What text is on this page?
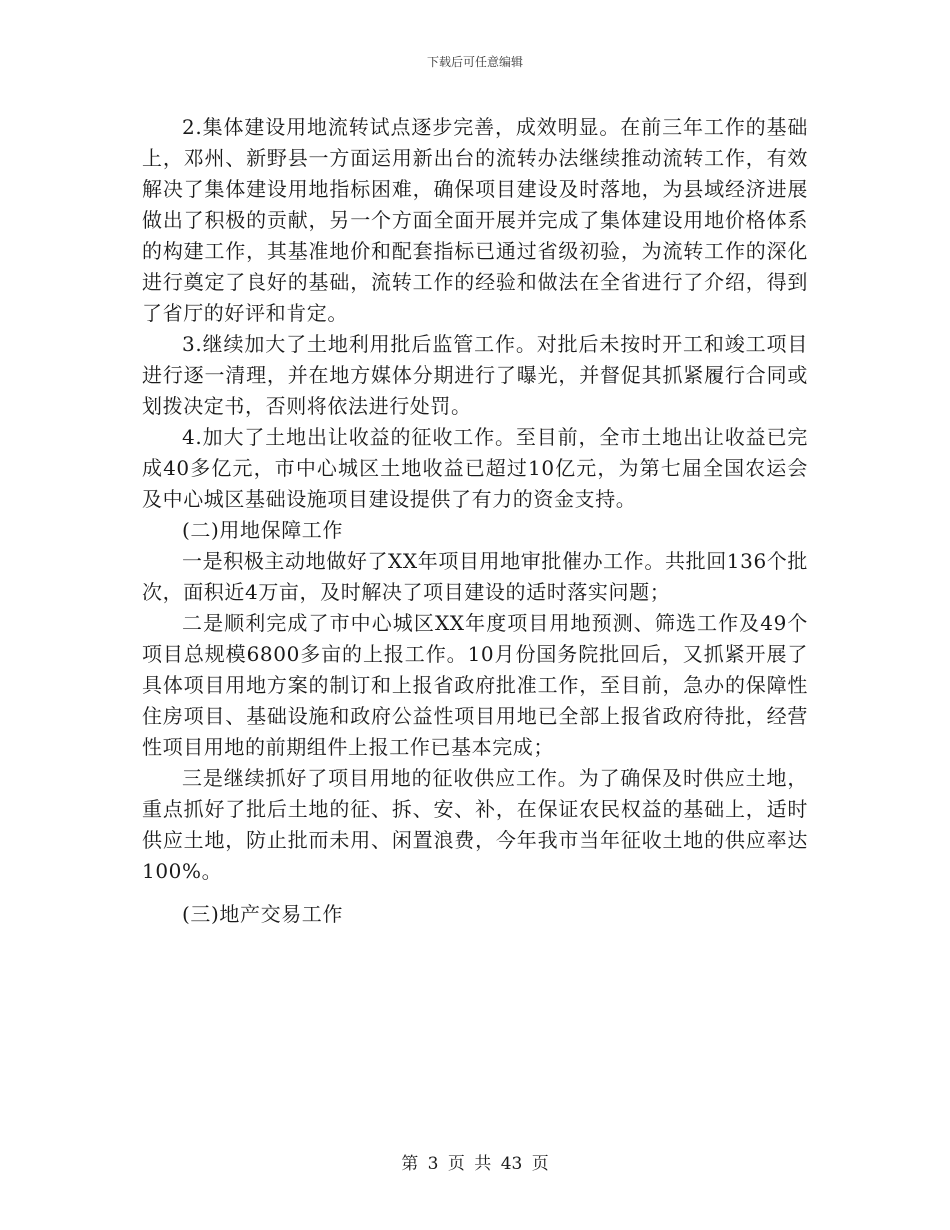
下载后可任意编辑

2.集体建设用地流转试点逐步完善，成效明显。在前三年工作的基础上，邓州、新野县一方面运用新出台的流转办法继续推动流转工作，有效解决了集体建设用地指标困难，确保项目建设及时落地，为县域经济进展做出了积极的贡献，另一个方面全面开展并完成了集体建设用地价格体系的构建工作，其基准地价和配套指标已通过省级初验，为流转工作的深化进行奠定了良好的基础，流转工作的经验和做法在全省进行了介绍，得到了省厅的好评和肯定。

3.继续加大了土地利用批后监管工作。对批后未按时开工和竣工项目进行逐一清理，并在地方媒体分期进行了曝光，并督促其抓紧履行合同或划拨决定书，否则将依法进行处罚。

4.加大了土地出让收益的征收工作。至目前，全市土地出让收益已完成40多亿元，市中心城区土地收益已超过10亿元，为第七届全国农运会及中心城区基础设施项目建设提供了有力的资金支持。

(二)用地保障工作

一是积极主动地做好了XX年项目用地审批催办工作。共批回136个批次，面积近4万亩，及时解决了项目建设的适时落实问题；

二是顺利完成了市中心城区XX年度项目用地预测、筛选工作及49个项目总规模6800多亩的上报工作。10月份国务院批回后，又抓紧开展了具体项目用地方案的制订和上报省政府批准工作，至目前，急办的保障性住房项目、基础设施和政府公益性项目用地已全部上报省政府待批，经营性项目用地的前期组件上报工作已基本完成；

三是继续抓好了项目用地的征收供应工作。为了确保及时供应土地，重点抓好了批后土地的征、拆、安、补，在保证农民权益的基础上，适时供应土地，防止批而未用、闲置浪费，今年我市当年征收土地的供应率达100%。

(三)地产交易工作

第 3 页 共 43 页
